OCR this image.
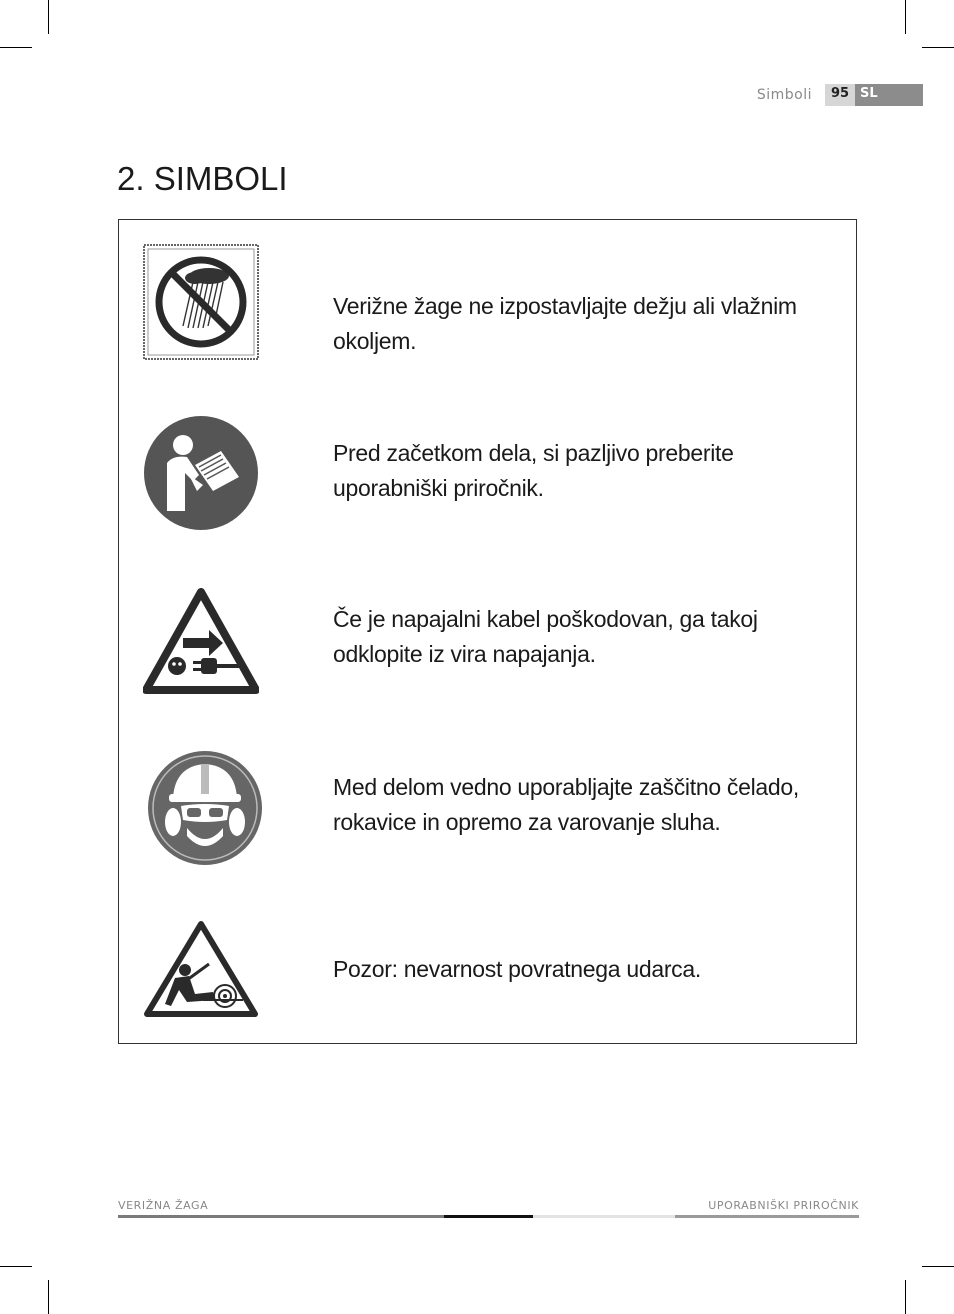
Simboli	95 SL
2. SIMBOLI
Verižne žage ne izpostavljajte dežju ali vlažnim okoljem.
Pred začetkom dela, si pazljivo preberite uporabniški priročnik.
Če je napajalni kabel poškodovan, ga takoj odklopite iz vira napajanja.
Med delom vedno uporabljajte zaščitno čelado, rokavice in opremo za varovanje sluha.
Pozor: nevarnost povratnega udarca.
VERIŽNA ŽAGA	UPORABNIŠKI PRIROČNIK
